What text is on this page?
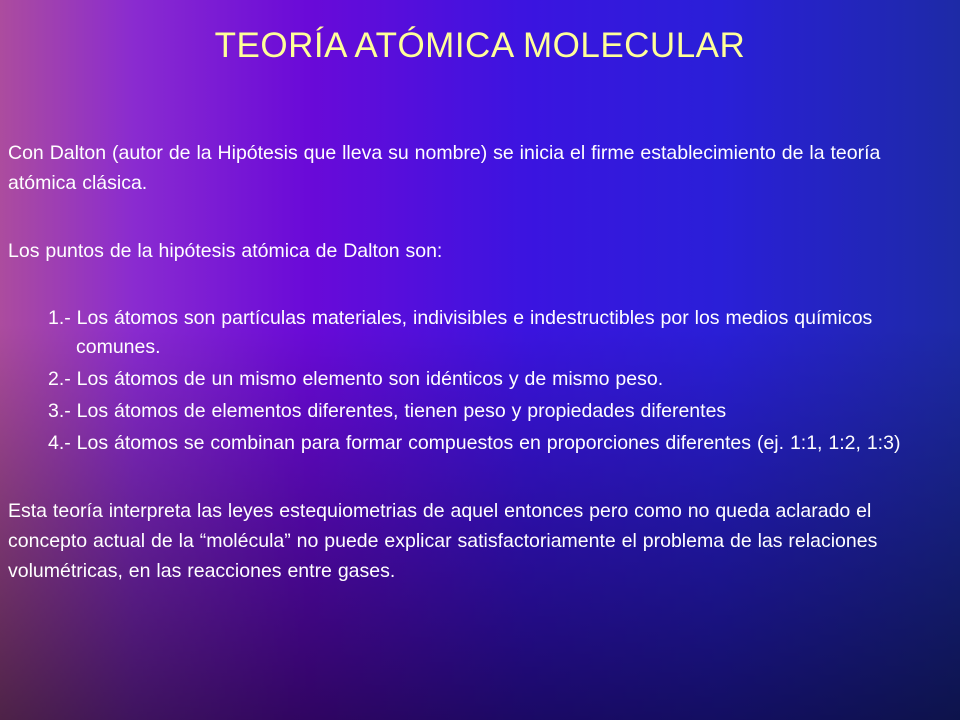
TEORÍA ATÓMICA MOLECULAR

Con Dalton (autor de la Hipótesis que lleva su nombre) se inicia el firme establecimiento de la teoría atómica clásica.

Los puntos de la hipótesis atómica de Dalton son:

1.- Los átomos son partículas materiales, indivisibles e indestructibles por los medios químicos comunes.
2.- Los átomos de un mismo elemento son idénticos y de mismo peso.
3.- Los átomos de elementos diferentes, tienen peso y propiedades diferentes
4.- Los átomos se combinan para formar compuestos en proporciones diferentes (ej. 1:1, 1:2, 1:3)

Esta teoría interpreta las leyes estequiometrias de aquel entonces pero como no queda aclarado el concepto actual de la “molécula” no puede explicar satisfactoriamente el problema de las relaciones volumétricas, en las reacciones entre gases.
